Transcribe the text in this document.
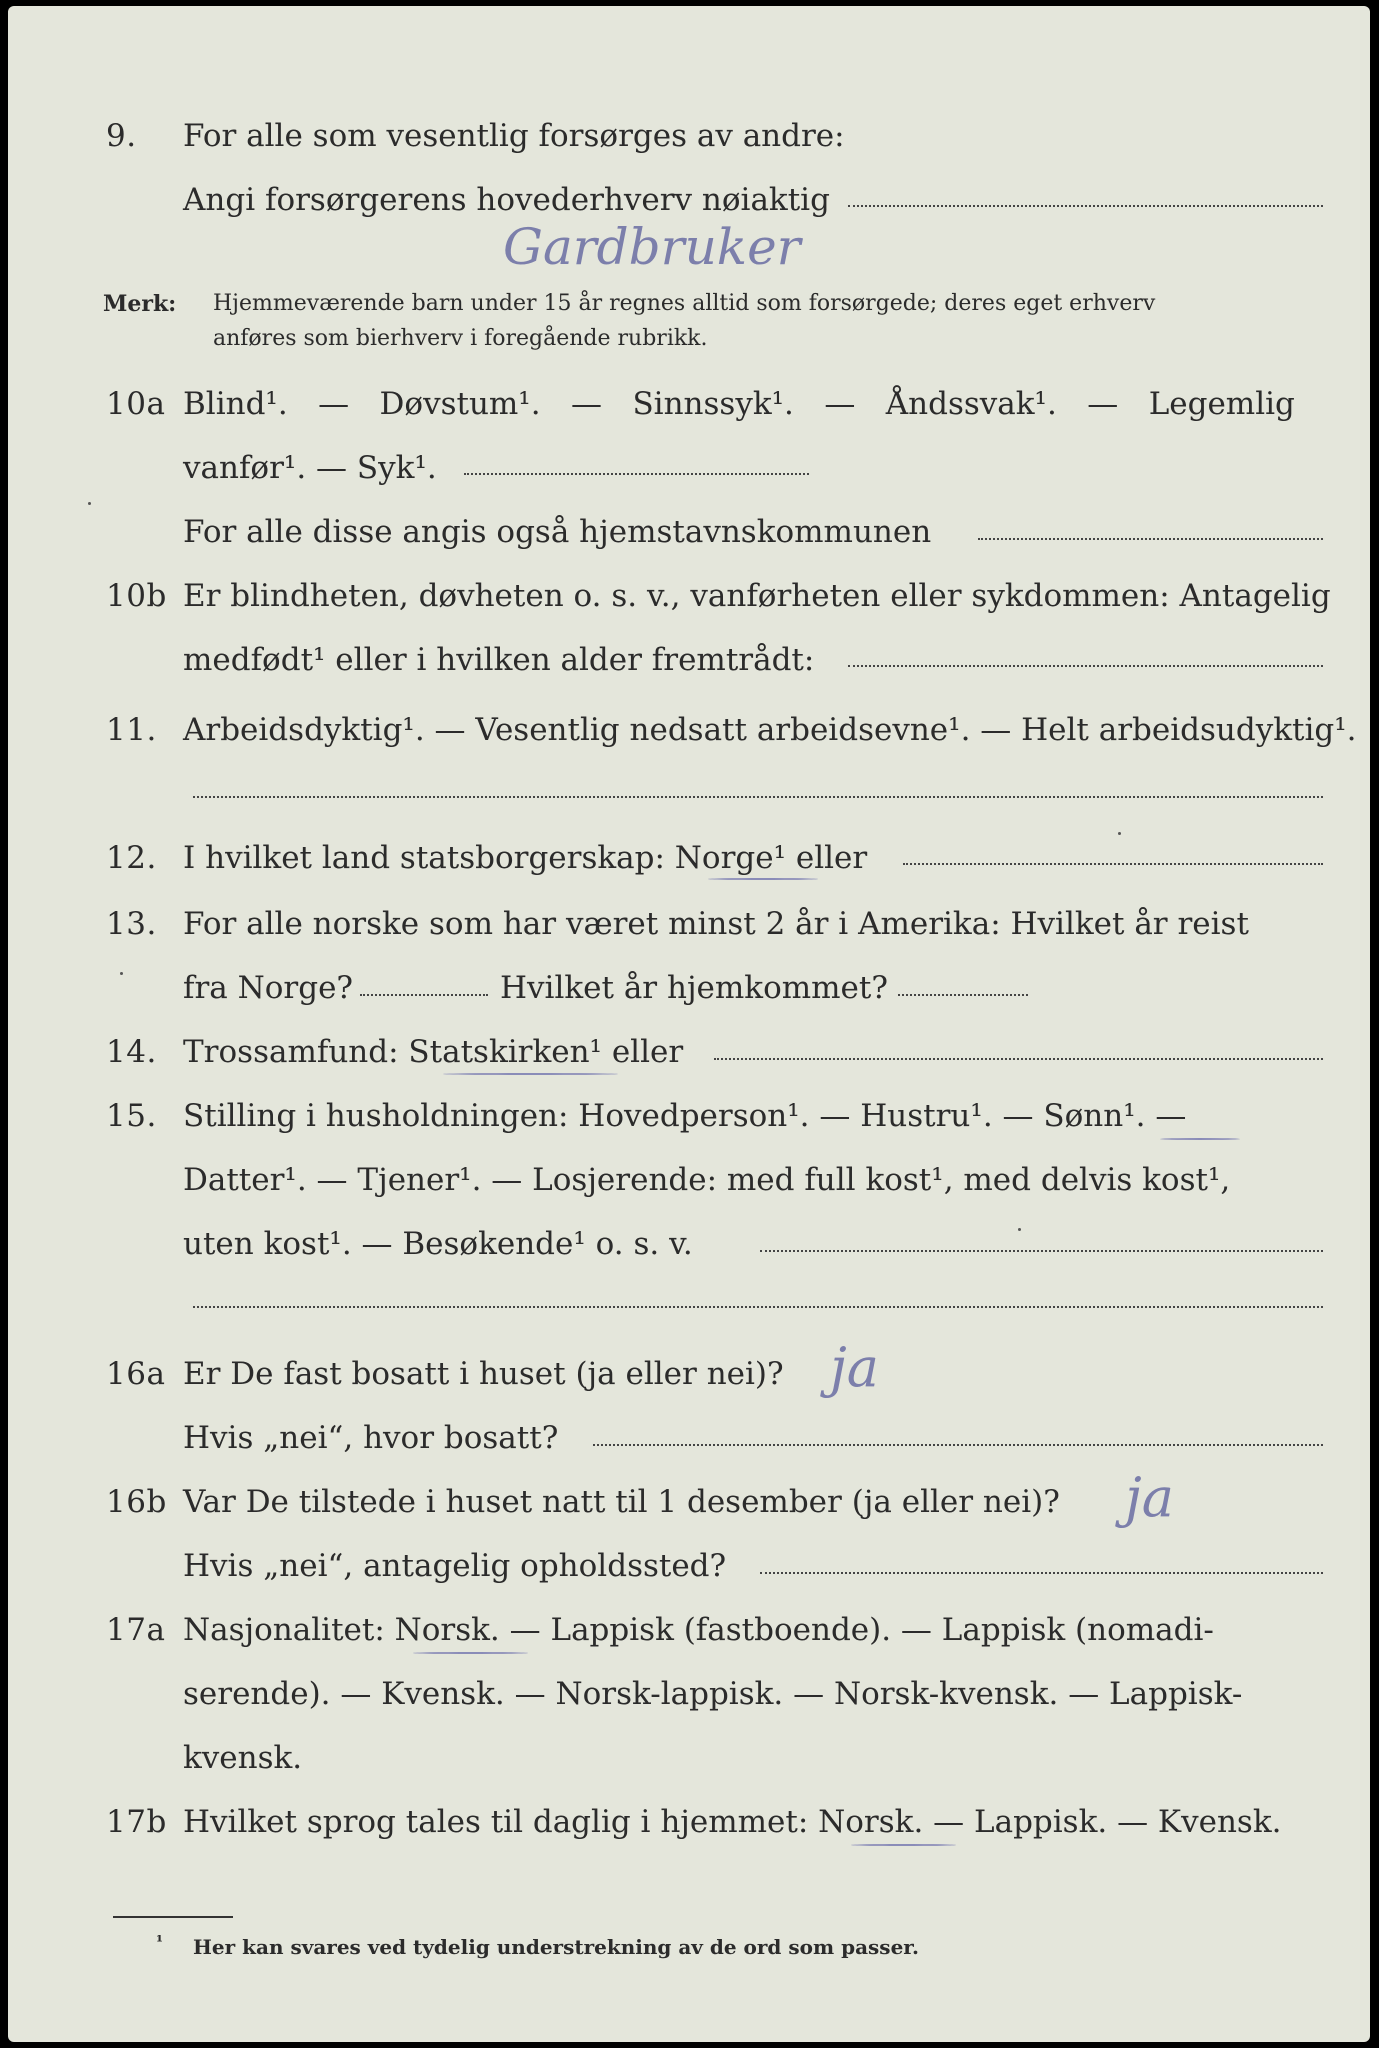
9. For alle som vesentlig forsørges av andre:
Angi forsørgerens hovederhverv nøiaktig
Gardbruker
Merk: Hjemmeværende barn under 15 år regnes alltid som forsørgede; deres eget erhverv
anføres som bierhverv i foregående rubrikk.
10a Blind¹. — Døvstum¹. — Sinnssyk¹. — Åndssvak¹. — Legemlig
vanfør¹. — Syk¹.
For alle disse angis også hjemstavnskommunen
10b Er blindheten, døvheten o. s. v., vanførheten eller sykdommen: Antagelig
medfødt¹ eller i hvilken alder fremtrådt:
11. Arbeidsdyktig¹. — Vesentlig nedsatt arbeidsevne¹. — Helt arbeidsudyktig¹.
12. I hvilket land statsborgerskap: Norge¹ eller
13. For alle norske som har været minst 2 år i Amerika: Hvilket år reist
fra Norge?	Hvilket år hjemkommet?
14. Trossamfund: Statskirken¹ eller
15. Stilling i husholdningen: Hovedperson¹. — Hustru¹. — Sønn¹. —
Datter¹. — Tjener¹. — Losjerende: med full kost¹, med delvis kost¹,
uten kost¹. — Besøkende¹ o. s. v.
16a Er De fast bosatt i huset (ja eller nei)? ja
Hvis „nei“, hvor bosatt?
16b Var De tilstede i huset natt til 1 desember (ja eller nei)? ja
Hvis „nei“, antagelig opholdssted?
17a Nasjonalitet: Norsk. — Lappisk (fastboende). — Lappisk (nomadi-
serende). — Kvensk. — Norsk-lappisk. — Norsk-kvensk. — Lappisk-
kvensk.
17b Hvilket sprog tales til daglig i hjemmet: Norsk. — Lappisk. — Kvensk.
¹ Her kan svares ved tydelig understrekning av de ord som passer.
